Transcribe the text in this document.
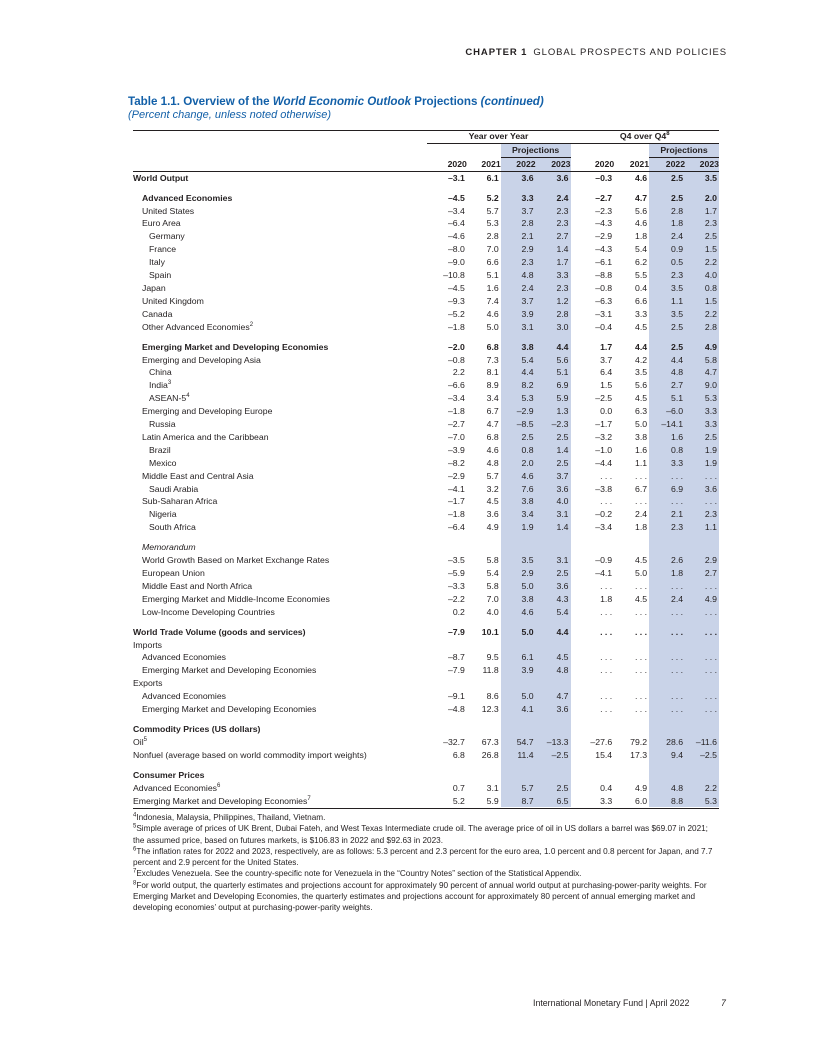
CHAPTER 1 GLOBAL PROSPECTS AND POLICIES
Table 1.1. Overview of the World Economic Outlook Projections (continued)
(Percent change, unless noted otherwise)
	Year over Year				Q4 over $Q4^8$
			Projections				Projections	
	2020	2021	2022	2023	2020	2021	2022	2023
World Output	–3.1	6.1	3.6	3.6	–0.3	4.6	2.5	3.5

Advanced Economies	–4.5	5.2	3.3	2.4	–2.7	4.7	2.5	2.0
United States	–3.4	5.7	3.7	2.3	–2.3	5.6	2.8	1.7
Euro Area	–6.4	5.3	2.8	2.3	–4.3	4.6	1.8	2.3
Germany	–4.6	2.8	2.1	2.7	–2.9	1.8	2.4	2.5
France	–8.0	7.0	2.9	1.4	–4.3	5.4	0.9	1.5
Italy	–9.0	6.6	2.3	1.7	–6.1	6.2	0.5	2.2
Spain	–10.8	5.1	4.8	3.3	–8.8	5.5	2.3	4.0
Japan	–4.5	1.6	2.4	2.3	–0.8	0.4	3.5	0.8
United Kingdom	–9.3	7.4	3.7	1.2	–6.3	6.6	1.1	1.5
Canada	–5.2	4.6	3.9	2.8	–3.1	3.3	3.5	2.2
Other Advanced Economies$^2$	–1.8	5.0	3.1	3.0	–0.4	4.5	2.5	2.8

Emerging Market and Developing Economies	–2.0	6.8	3.8	4.4	1.7	4.4	2.5	4.9
Emerging and Developing Asia	–0.8	7.3	5.4	5.6	3.7	4.2	4.4	5.8
China	2.2	8.1	4.4	5.1	6.4	3.5	4.8	4.7
India$^3$	–6.6	8.9	8.2	6.9	1.5	5.6	2.7	9.0
ASEAN-$5^4$	–3.4	3.4	5.3	5.9	–2.5	4.5	5.1	5.3
Emerging and Developing Europe	–1.8	6.7	–2.9	1.3	0.0	6.3	–6.0	3.3
Russia	–2.7	4.7	–8.5	–2.3	–1.7	5.0	–14.1	3.3
Latin America and the Caribbean	–7.0	6.8	2.5	2.5	–3.2	3.8	1.6	2.5
Brazil	–3.9	4.6	0.8	1.4	–1.0	1.6	0.8	1.9
Mexico	–8.2	4.8	2.0	2.5	–4.4	1.1	3.3	1.9
Middle East and Central Asia	–2.9	5.7	4.6	3.7	. . .	. . .	. . .	. . .
Saudi Arabia	–4.1	3.2	7.6	3.6	–3.8	6.7	6.9	3.6
Sub-Saharan Africa	–1.7	4.5	3.8	4.0	. . .	. . .	. . .	. . .
Nigeria	–1.8	3.6	3.4	3.1	–0.2	2.4	2.1	2.3
South Africa	–6.4	4.9	1.9	1.4	–3.4	1.8	2.3	1.1

Memorandum								
World Growth Based on Market Exchange Rates	–3.5	5.8	3.5	3.1	–0.9	4.5	2.6	2.9
European Union	–5.9	5.4	2.9	2.5	–4.1	5.0	1.8	2.7
Middle East and North Africa	–3.3	5.8	5.0	3.6	. . .	. . .	. . .	. . .
Emerging Market and Middle-Income Economies	–2.2	7.0	3.8	4.3	1.8	4.5	2.4	4.9
Low-Income Developing Countries	0.2	4.0	4.6	5.4	. . .	. . .	. . .	. . .

World Trade Volume (goods and services)	–7.9	10.1	5.0	4.4	. . .	. . .	. . .	. . .
Imports								
Advanced Economies	–8.7	9.5	6.1	4.5	. . .	. . .	. . .	. . .
Emerging Market and Developing Economies	–7.9	11.8	3.9	4.8	. . .	. . .	. . .	. . .
Exports								
Advanced Economies	–9.1	8.6	5.0	4.7	. . .	. . .	. . .	. . .
Emerging Market and Developing Economies	–4.8	12.3	4.1	3.6	. . .	. . .	. . .	. . .

Commodity Prices (US dollars)								
Oil$^5$	–32.7	67.3	54.7	–13.3	–27.6	79.2	28.6	–11.6
Nonfuel (average based on world commodity import weights)	6.8	26.8	11.4	–2.5	15.4	17.3	9.4	–2.5

Consumer Prices								
Advanced Economies$^6$	0.7	3.1	5.7	2.5	0.4	4.9	4.8	2.2
Emerging Market and Developing Economies$^7$	5.2	5.9	8.7	6.5	3.3	6.0	8.8	5.3

$^4$Indonesia, Malaysia, Philippines, Thailand, Vietnam.

$^5$Simple average of prices of UK Brent, Dubai Fateh, and West Texas Intermediate crude oil. The average price of oil in US dollars a barrel was $69.07 in 2021; the assumed price, based on futures markets, is $106.83 in 2022 and $92.63 in 2023.

$^6$The inflation rates for 2022 and 2023, respectively, are as follows: 5.3 percent and 2.3 percent for the euro area, 1.0 percent and 0.8 percent for Japan, and 7.7 percent and 2.9 percent for the United States.

$^7$Excludes Venezuela. See the country-specific note for Venezuela in the “Country Notes” section of the Statistical Appendix.

$^8$For world output, the quarterly estimates and projections account for approximately 90 percent of annual world output at purchasing-power-parity weights. For Emerging Market and Developing Economies, the quarterly estimates and projections account for approximately 80 percent of annual emerging market and developing economies’ output at purchasing-power-parity weights.

International Monetary Fund | April 2022	7
